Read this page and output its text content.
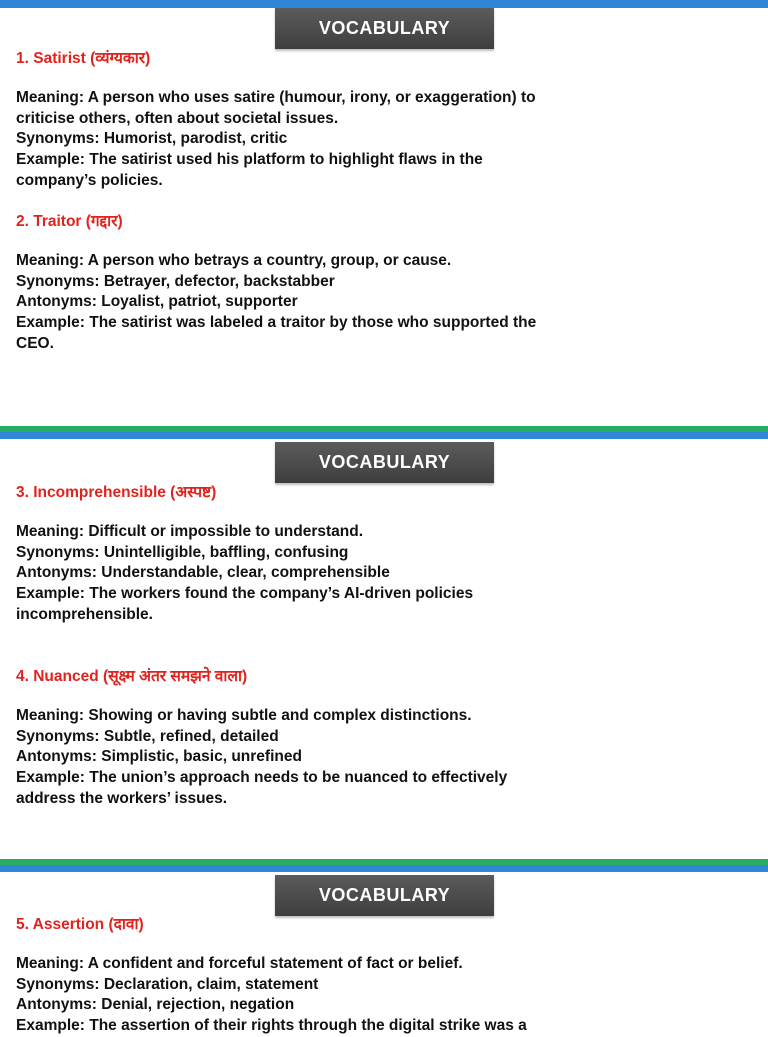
VOCABULARY

1. Satirist (व्यंग्यकार)

Meaning: A person who uses satire (humour, irony, or exaggeration) to

criticise others, often about societal issues.

Synonyms: Humorist, parodist, critic

Example: The satirist used his platform to highlight flaws in the

company’s policies.

2. Traitor (गद्दार)

Meaning: A person who betrays a country, group, or cause.

Synonyms: Betrayer, defector, backstabber

Antonyms: Loyalist, patriot, supporter

Example: The satirist was labeled a traitor by those who supported the

CEO.

VOCABULARY

3. Incomprehensible (अस्पष्ट)

Meaning: Difficult or impossible to understand.

Synonyms: Unintelligible, baffling, confusing

Antonyms: Understandable, clear, comprehensible

Example: The workers found the company’s AI-driven policies

incomprehensible.

4. Nuanced (सूक्ष्म अंतर समझने वाला)

Meaning: Showing or having subtle and complex distinctions.

Synonyms: Subtle, refined, detailed

Antonyms: Simplistic, basic, unrefined

Example: The union’s approach needs to be nuanced to effectively

address the workers’ issues.

VOCABULARY

5. Assertion (दावा)

Meaning: A confident and forceful statement of fact or belief.

Synonyms: Declaration, claim, statement

Antonyms: Denial, rejection, negation

Example: The assertion of their rights through the digital strike was a
